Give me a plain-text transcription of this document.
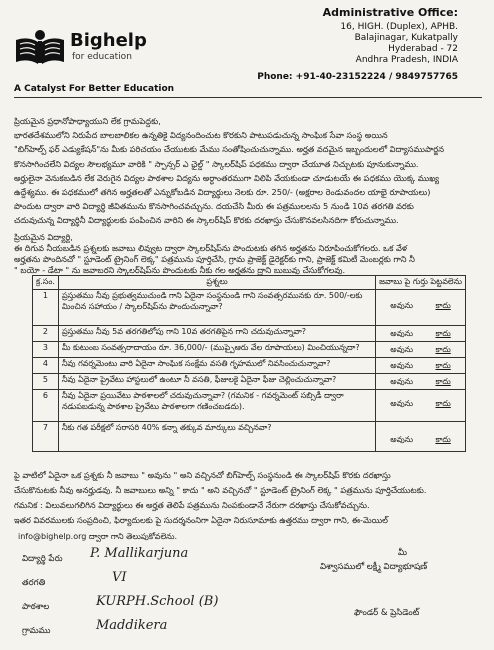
Bighelp
for education
A Catalyst For Better Education
Administrative Office:
16, HIGH. (Duplex), APHB.
Balajinagar, Kukatpally
Hyderabad - 72
Andhra Pradesh, INDIA
Phone: +91-40-23152224 / 9849757765
ప్రియమైన ప్రధానోపాధ్యాయుని లేక గ్రామపెద్దకు,
భారతదేశములోని నిరుపేద బాలబాలికల ఉన్నతికై విద్యనందించుట కొరకుని పాటుపడుచున్న సాంఘిక సేవా సంస్థ అయిన
"బిగ్‌హెల్ప్ ఫర్ ఎడ్యుకేషన్"ను మీకు పరిచయం చేయుటకు మేము సంతోషించుచున్నాము. అర్హత వదమైన ఇబ్బందులలో విద్యాసముపార్జన
కొనసాగించలేని విద్యల సౌలభ్యమూ వారికి " స్పాన్సర్ ఎ ఛైల్డ్ " స్కాలర్‌షిప్ పధకము ద్వారా చేయూత నిచ్చుటకు పూనుకున్నాము.
అర్హులైనా వెనుకబడిన లేక వెరుగైన విద్యల పాఠశాల విద్యను అర్ధాంతరముగా విలిపి వేయకుండా చూడుటయే ఈ పధకము యొక్క ముఖ్య
ఉద్దేశ్యము. ఈ పధకములో తగిన అర్హతలతో ఎన్నుకోబడిన విద్యార్థులు నెలకు రూ. 250/- (అక్షరాల రెండువందల యాభై రూపాయలు)
పొందుట ద్వారా వారి విద్యార్థి జీవితమును కొనసాగించవచ్చును. దయచేసి మీరు ఈ పత్రములలను 5 నుండి 10వ తరగతి వరకు
చదువుచున్న విద్యార్థినీ విద్యార్థులకు పంపించిన వారిని ఈ స్కాలర్‌షిప్ కొరకు దరఖాస్తు చేసుకొనవలసినదిగా కోరుచున్నాము.
ప్రియమైన విద్యార్థి,
ఈ దిగువ నీయబడిన ప్రశ్నలకు జవాబు లివ్వుట ద్వారా స్కాలర్‌షిప్‌ను పొందుటకు తగిన అర్హతను నిరూపించుకోగలరు. ఒక వేళ
అర్హతను పొందినచో " స్టూడెంట్ ట్రైనింగ్ లెక్క" పత్రమును పూర్తిచేసి, గ్రామ ప్రాజెక్ట్ డైరెక్టర్‌కు గాని, ప్రాజెక్ట్ కమిటీ మెంబర్లకు గాని నీ
" బయో - డేటా " ను జవాబరని స్కాలర్‌షిప్‌ను పొందుటకు నీకు గల అర్హతను ద్రాని బుబువు చేసుకోగలవు.
క్ర.సం.	ప్రశ్నలు	జవాబు పై గుర్తు పెట్టవలెను
1	ప్రస్తుతము నీవు ప్రభుత్వముచుండి గాని ఏదైనా సంస్థనుండి గాని సంవత్సరమునకు రూ. 500/-లకు మించిన సహాయం / స్కాలర్‌షిప్‌ను పొందుచున్నావా?	అవును కాదు

2	ప్రస్తుతము నీవు 5వ తరగతిలోపు గాని 10వ తరగతిపైన గాని చదువుచున్నావా?	అవును కాదు

3	మీ కుటుంబ సంవత్సరాదాయం రూ. 36,000/- (ముప్పైఆరు వేల రూపాయలు) మించియున్నదా?	అవును కాదు

4	నీవు గవర్నమెంటు వారి ఏదైనా సాంఘిక సంక్షేమ వసతి గృహములో నివసించుచున్నావా?	అవును కాదు

5	నీవు ఏదైనా ప్రైవేటు హాస్టలులో ఉంటూ నీ వసతి, ఫీజులకై ఏదైనా ఫీజు చెల్లించుచున్నావా?	అవును కాదు

6	నీవు ఏదైనా ప్రయివేటు పాఠశాలలో చదువుచున్నావా? (గమనిక - గవర్నమెంట్ సబ్సిడీ ద్వారా నడుపబడున్న పాఠశాల ప్రైవేటు పాఠశాలగా గణించబడదు).	అవును కాదు

7	నీకు గత పరీక్షలో సరాసరి 40% కన్నా తక్కువ మార్కులు వచ్చినవా?	అవును కాదు
పై వాటిలో ఏదైనా ఒక ప్రశ్నకు నీ జవాబు " అవును " అని వచ్చినచో బిగ్‌హెల్ప్ సంస్థనుండి ఈ స్కాలర్‌షిప్ కొరకు దరఖాస్తు
చేసుకొనుటకు నీవు అనర్హుడవు. నీ జవాబులు అన్ని " కాదు " అని వచ్చినచో " స్టూడెంట్ ట్రైనింగ్ లెక్క " పత్రమును పూర్తిచేయుటకు.
గమనిక : విలువలుగలిగిన విద్యార్థులు ఈ అర్హత తెలిపే పత్రమును నింపకుండానే నేరుగా దరఖాస్తు చేసుకోవచ్చును.
ఇతర వివరములకు సంప్రదించి, ఫిర్యాదులకు పై సుదర్శనంనిగా ఏదైనా నిరుసూమాకు ఉత్తరము ద్వారా గాని, ఈ-మెయిల్
info@bighelp.org ద్వారా గాని తెలుపుకోవలెను.
విద్యార్థి పేరు P. Mallikarjuna
తరగతి	VI
పాఠశాల	KURPH.School (B)
గ్రామము	Maddikera
మీ
విశ్వాసములో లక్ష్మీ విద్యాభూషణ్
ఫౌండర్ & ప్రెసిడెంట్
